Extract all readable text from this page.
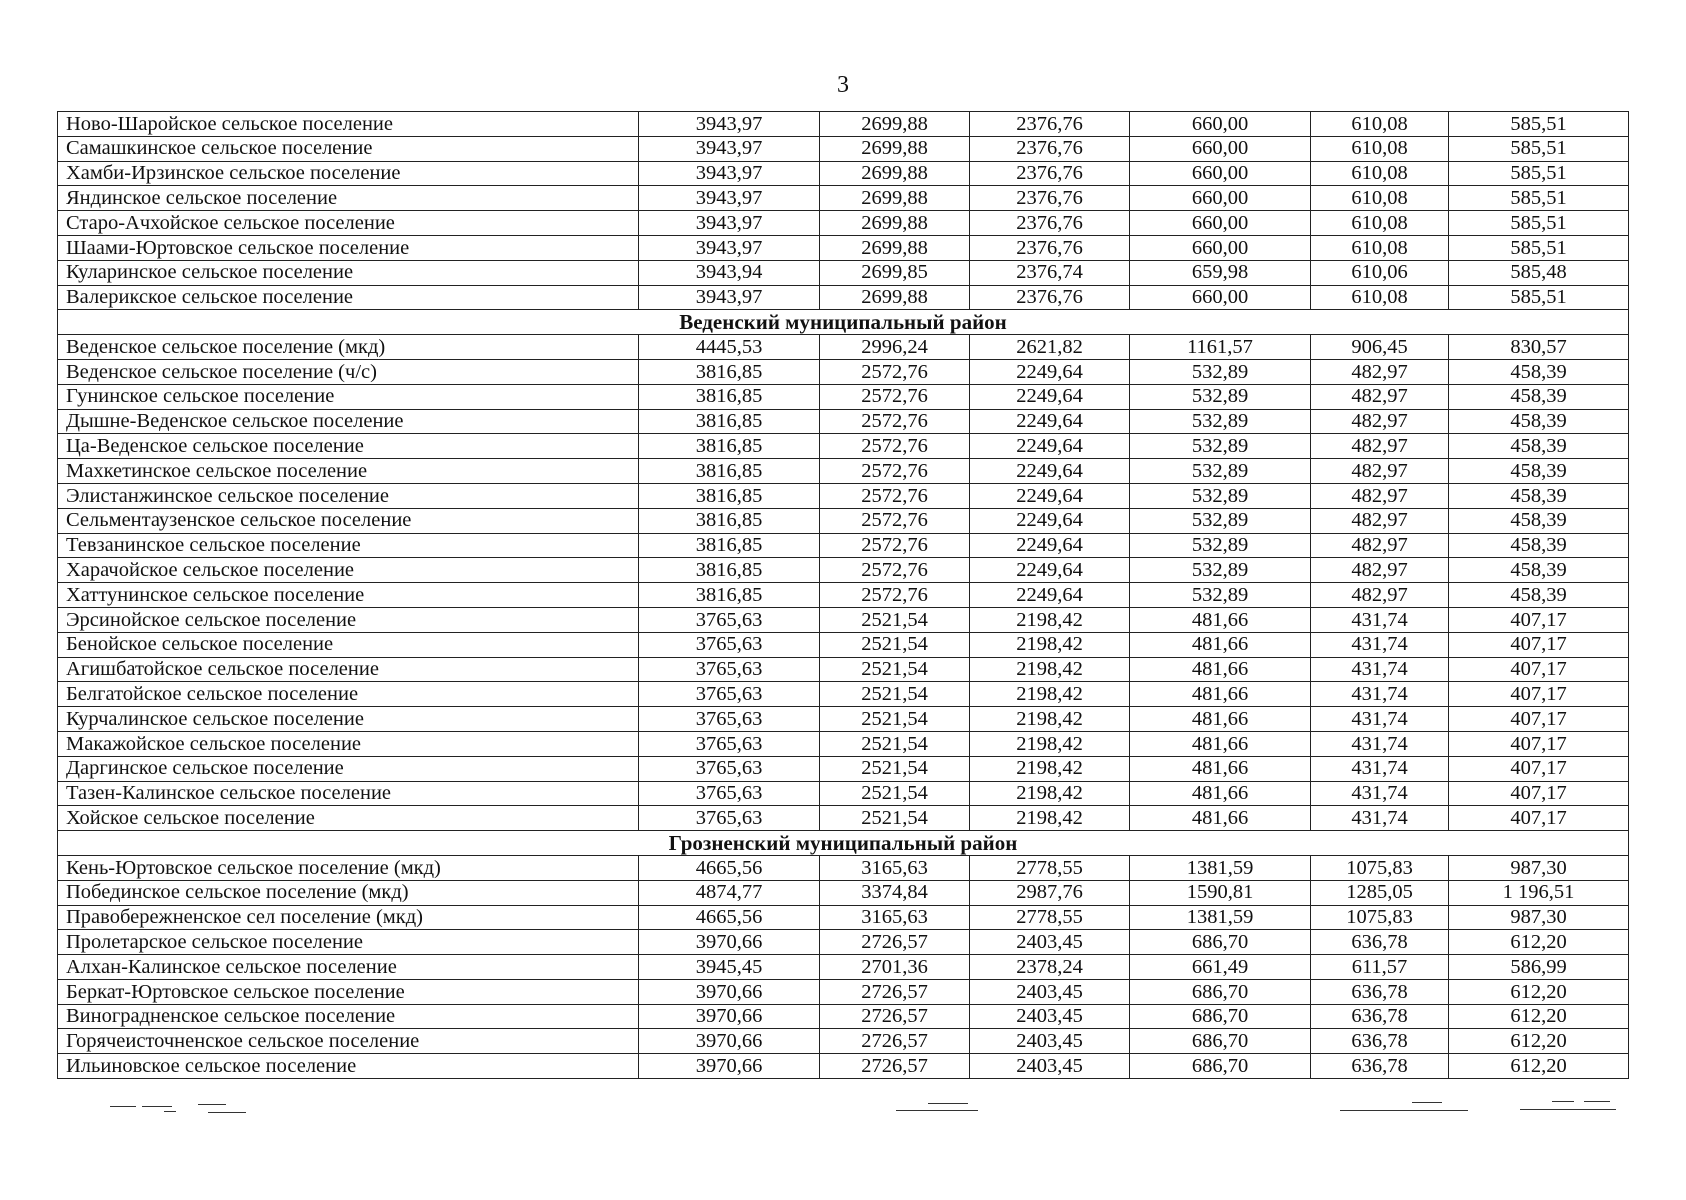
3
Ново-Шаройское сельское поселение	3943,97	2699,88	2376,76	660,00	610,08	585,51
Самашкинское сельское поселение	3943,97	2699,88	2376,76	660,00	610,08	585,51
Хамби-Ирзинское сельское поселение	3943,97	2699,88	2376,76	660,00	610,08	585,51
Яндинское сельское поселение	3943,97	2699,88	2376,76	660,00	610,08	585,51
Старо-Ачхойское сельское поселение	3943,97	2699,88	2376,76	660,00	610,08	585,51
Шаами-Юртовское сельское поселение	3943,97	2699,88	2376,76	660,00	610,08	585,51
Куларинское сельское поселение	3943,94	2699,85	2376,74	659,98	610,06	585,48
Валерикское сельское поселение	3943,97	2699,88	2376,76	660,00	610,08	585,51
Веденский муниципальный район						
Веденское сельское поселение (мкд)	4445,53	2996,24	2621,82	1161,57	906,45	830,57
Веденское сельское поселение (ч/с)	3816,85	2572,76	2249,64	532,89	482,97	458,39
Гунинское сельское поселение	3816,85	2572,76	2249,64	532,89	482,97	458,39
Дышне-Веденское сельское поселение	3816,85	2572,76	2249,64	532,89	482,97	458,39
Ца-Веденское сельское поселение	3816,85	2572,76	2249,64	532,89	482,97	458,39
Махкетинское сельское поселение	3816,85	2572,76	2249,64	532,89	482,97	458,39
Элистанжинское сельское поселение	3816,85	2572,76	2249,64	532,89	482,97	458,39
Сельментаузенское сельское поселение	3816,85	2572,76	2249,64	532,89	482,97	458,39
Тевзанинское сельское поселение	3816,85	2572,76	2249,64	532,89	482,97	458,39
Харачойское сельское поселение	3816,85	2572,76	2249,64	532,89	482,97	458,39
Хаттунинское сельское поселение	3816,85	2572,76	2249,64	532,89	482,97	458,39
Эрсинойское сельское поселение	3765,63	2521,54	2198,42	481,66	431,74	407,17
Бенойское сельское поселение	3765,63	2521,54	2198,42	481,66	431,74	407,17
Агишбатойское сельское поселение	3765,63	2521,54	2198,42	481,66	431,74	407,17
Белгатойское сельское поселение	3765,63	2521,54	2198,42	481,66	431,74	407,17
Курчалинское сельское поселение	3765,63	2521,54	2198,42	481,66	431,74	407,17
Макажойское сельское поселение	3765,63	2521,54	2198,42	481,66	431,74	407,17
Даргинское сельское поселение	3765,63	2521,54	2198,42	481,66	431,74	407,17
Тазен-Калинское сельское поселение	3765,63	2521,54	2198,42	481,66	431,74	407,17
Хойское сельское поселение	3765,63	2521,54	2198,42	481,66	431,74	407,17
Грозненский муниципальный район						
Кень-Юртовское сельское поселение (мкд)	4665,56	3165,63	2778,55	1381,59	1075,83	987,30
Побединское сельское поселение (мкд)	4874,77	3374,84	2987,76	1590,81	1285,05	1 196,51
Правобережненское сел поселение (мкд)	4665,56	3165,63	2778,55	1381,59	1075,83	987,30
Пролетарское сельское поселение	3970,66	2726,57	2403,45	686,70	636,78	612,20
Алхан-Калинское сельское поселение	3945,45	2701,36	2378,24	661,49	611,57	586,99
Беркат-Юртовское сельское поселение	3970,66	2726,57	2403,45	686,70	636,78	612,20
Виноградненское сельское поселение	3970,66	2726,57	2403,45	686,70	636,78	612,20
Горячеисточненское сельское поселение	3970,66	2726,57	2403,45	686,70	636,78	612,20
Ильиновское сельское поселение	3970,66	2726,57	2403,45	686,70	636,78	612,20
